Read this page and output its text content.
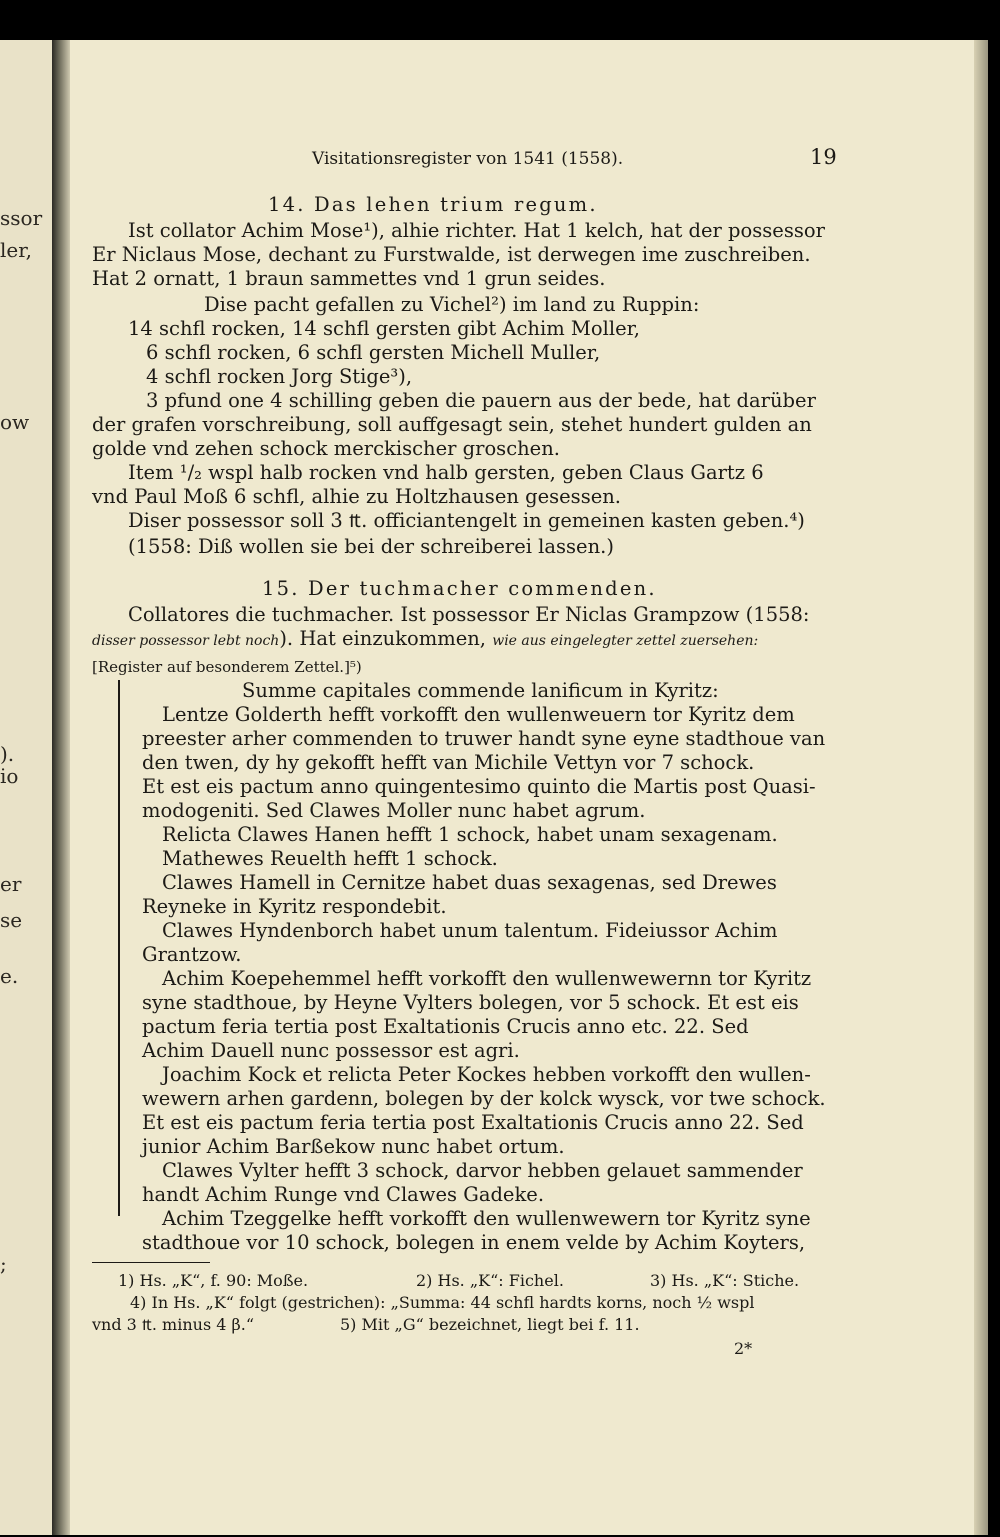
ssor
ler,
ow
).
io
er
se
e.
;
Visitationsregister von 1541 (1558).	19
14. Das lehen trium regum.
Ist collator Achim Mose¹), alhie richter. Hat 1 kelch, hat der possessor
Er Niclaus Mose, dechant zu Furstwalde, ist derwegen ime zuschreiben.
Hat 2 ornatt, 1 braun sammettes vnd 1 grun seides.
Dise pacht gefallen zu Vichel²) im land zu Ruppin:
14 schfl rocken, 14 schfl gersten gibt Achim Moller,
6 schfl rocken, 6 schfl gersten Michell Muller,
4 schfl rocken Jorg Stige³),
3 pfund one 4 schilling geben die pauern aus der bede, hat darüber
der grafen vorschreibung, soll auffgesagt sein, stehet hundert gulden an
golde vnd zehen schock merckischer groschen.
Item ¹/₂ wspl halb rocken vnd halb gersten, geben Claus Gartz 6
vnd Paul Moß 6 schfl, alhie zu Holtzhausen gesessen.
Diser possessor soll 3 ₶. officiantengelt in gemeinen kasten geben.⁴)
(1558: Diß wollen sie bei der schreiberei lassen.)
15. Der tuchmacher commenden.
Collatores die tuchmacher. Ist possessor Er Niclas Grampzow (1558:
disser possessor lebt noch). Hat einzukommen, wie aus eingelegter zettel zuersehen:
[Register auf besonderem Zettel.]⁵)
Summe capitales commende lanificum in Kyritz:
Lentze Golderth hefft vorkofft den wullenweuern tor Kyritz dem
preester arher commenden to truwer handt syne eyne stadthoue van
den twen, dy hy gekofft hefft van Michile Vettyn vor 7 schock.
Et est eis pactum anno quingentesimo quinto die Martis post Quasi-
modogeniti. Sed Clawes Moller nunc habet agrum.
Relicta Clawes Hanen hefft 1 schock, habet unam sexagenam.
Mathewes Reuelth hefft 1 schock.
Clawes Hamell in Cernitze habet duas sexagenas, sed Drewes
Reyneke in Kyritz respondebit.
Clawes Hyndenborch habet unum talentum. Fideiussor Achim
Grantzow.
Achim Koepehemmel hefft vorkofft den wullenwewernn tor Kyritz
syne stadthoue, by Heyne Vylters bolegen, vor 5 schock. Et est eis
pactum feria tertia post Exaltationis Crucis anno etc. 22. Sed
Achim Dauell nunc possessor est agri.
Joachim Kock et relicta Peter Kockes hebben vorkofft den wullen-
wewern arhen gardenn, bolegen by der kolck wysck, vor twe schock.
Et est eis pactum feria tertia post Exaltationis Crucis anno 22. Sed
junior Achim Barßekow nunc habet ortum.
Clawes Vylter hefft 3 schock, darvor hebben gelauet sammender
handt Achim Runge vnd Clawes Gadeke.
Achim Tzeggelke hefft vorkofft den wullenwewern tor Kyritz syne
stadthoue vor 10 schock, bolegen in enem velde by Achim Koyters,
1) Hs. „K“, f. 90: Moße.	2) Hs. „K“: Fichel.	3) Hs. „K“: Stiche.
4) In Hs. „K“ folgt (gestrichen): „Summa: 44 schfl hardts korns, noch ½ wspl
vnd 3 ₶. minus 4 β.“	5) Mit „G“ bezeichnet, liegt bei f. 11.
2*
